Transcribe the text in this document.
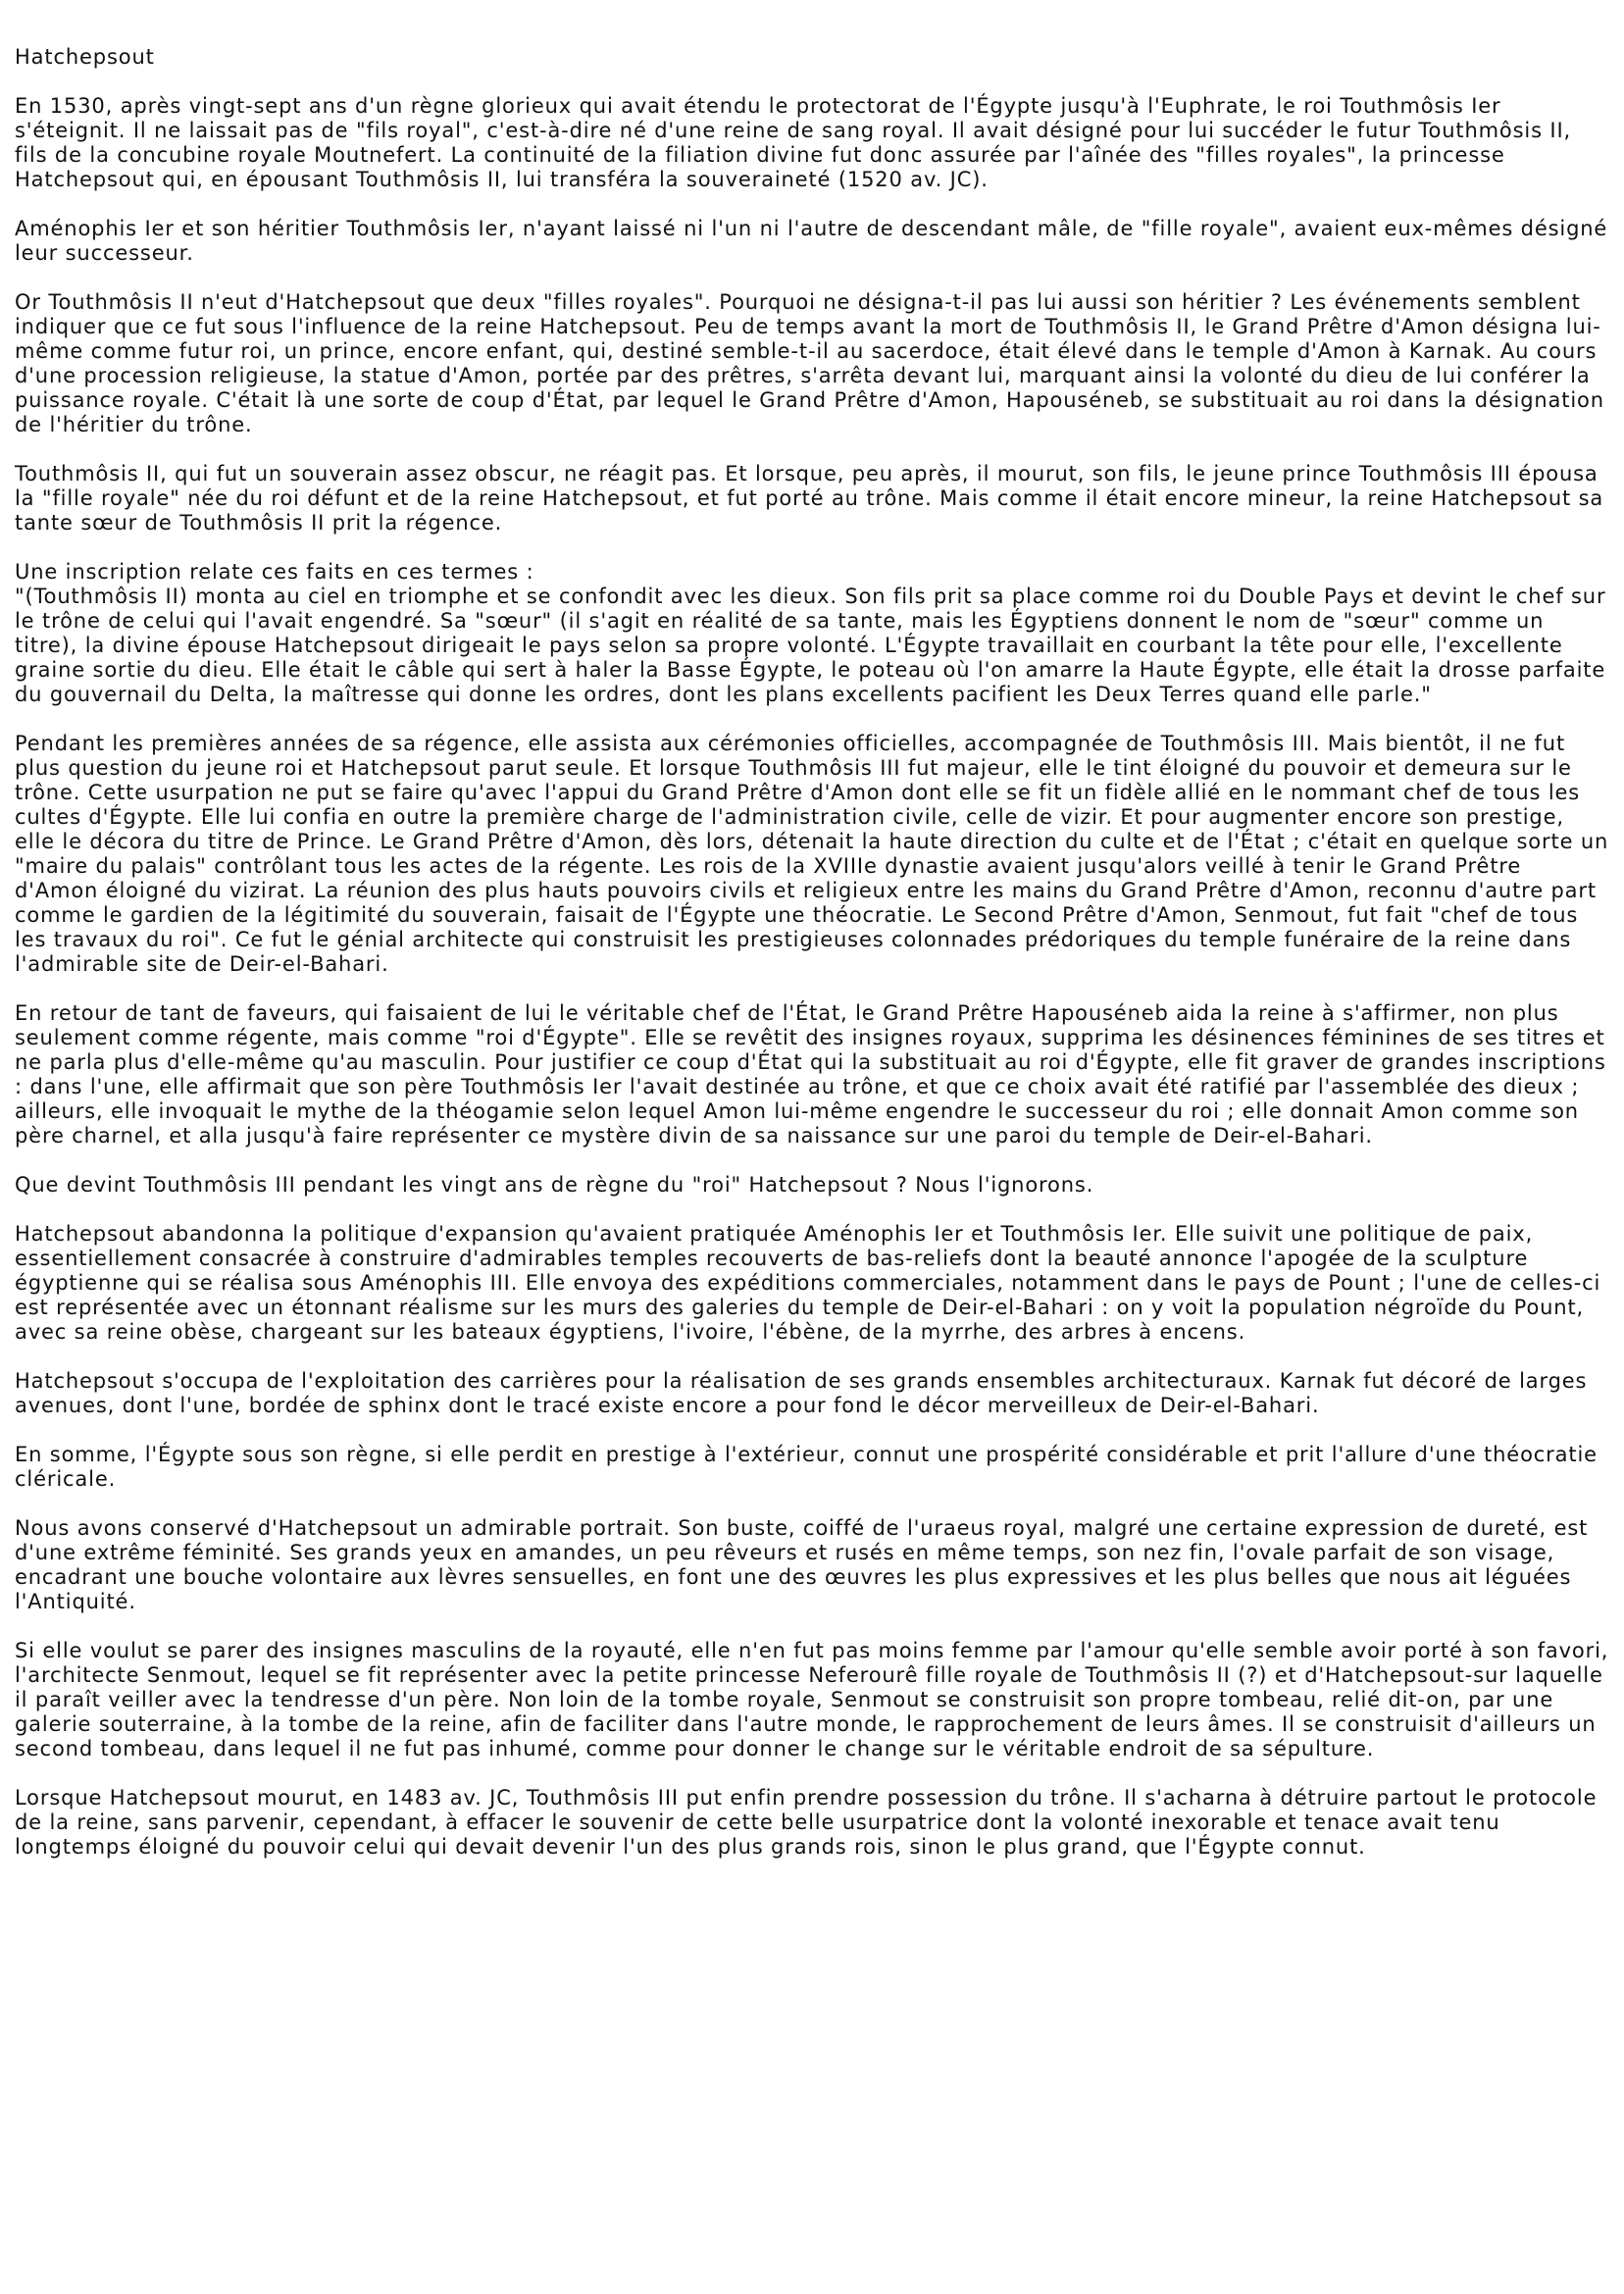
Hatchepsout

En 1530, après vingt-sept ans d'un règne glorieux qui avait étendu le protectorat de l'Égypte jusqu'à l'Euphrate, le roi Touthmôsis Ier s'éteignit. Il ne laissait pas de "fils royal", c'est-à-dire né d'une reine de sang royal. Il avait désigné pour lui succéder le futur Touthmôsis II, fils de la concubine royale Moutnefert. La continuité de la filiation divine fut donc assurée par l'aînée des "filles royales", la princesse Hatchepsout qui, en épousant Touthmôsis II, lui transféra la souveraineté (1520 av. JC).

Aménophis Ier et son héritier Touthmôsis Ier, n'ayant laissé ni l'un ni l'autre de descendant mâle, de "fille royale", avaient eux-mêmes désigné leur successeur.

Or Touthmôsis II n'eut d'Hatchepsout que deux "filles royales". Pourquoi ne désigna-t-il pas lui aussi son héritier ? Les événements semblent indiquer que ce fut sous l'influence de la reine Hatchepsout. Peu de temps avant la mort de Touthmôsis II, le Grand Prêtre d'Amon désigna lui-même comme futur roi, un prince, encore enfant, qui, destiné semble-t-il au sacerdoce, était élevé dans le temple d'Amon à Karnak. Au cours d'une procession religieuse, la statue d'Amon, portée par des prêtres, s'arrêta devant lui, marquant ainsi la volonté du dieu de lui conférer la puissance royale. C'était là une sorte de coup d'État, par lequel le Grand Prêtre d'Amon, Hapouséneb, se substituait au roi dans la désignation de l'héritier du trône.

Touthmôsis II, qui fut un souverain assez obscur, ne réagit pas. Et lorsque, peu après, il mourut, son fils, le jeune prince Touthmôsis III épousa la "fille royale" née du roi défunt et de la reine Hatchepsout, et fut porté au trône. Mais comme il était encore mineur, la reine Hatchepsout sa tante sœur de Touthmôsis II prit la régence.

Une inscription relate ces faits en ces termes :

"(Touthmôsis II) monta au ciel en triomphe et se confondit avec les dieux. Son fils prit sa place comme roi du Double Pays et devint le chef sur le trône de celui qui l'avait engendré. Sa "sœur" (il s'agit en réalité de sa tante, mais les Égyptiens donnent le nom de "sœur" comme un titre), la divine épouse Hatchepsout dirigeait le pays selon sa propre volonté. L'Égypte travaillait en courbant la tête pour elle, l'excellente graine sortie du dieu. Elle était le câble qui sert à haler la Basse Égypte, le poteau où l'on amarre la Haute Égypte, elle était la drosse parfaite du gouvernail du Delta, la maîtresse qui donne les ordres, dont les plans excellents pacifient les Deux Terres quand elle parle."

Pendant les premières années de sa régence, elle assista aux cérémonies officielles, accompagnée de Touthmôsis III. Mais bientôt, il ne fut plus question du jeune roi et Hatchepsout parut seule. Et lorsque Touthmôsis III fut majeur, elle le tint éloigné du pouvoir et demeura sur le trône. Cette usurpation ne put se faire qu'avec l'appui du Grand Prêtre d'Amon dont elle se fit un fidèle allié en le nommant chef de tous les cultes d'Égypte. Elle lui confia en outre la première charge de l'administration civile, celle de vizir. Et pour augmenter encore son prestige, elle le décora du titre de Prince. Le Grand Prêtre d'Amon, dès lors, détenait la haute direction du culte et de l'État ; c'était en quelque sorte un "maire du palais" contrôlant tous les actes de la régente. Les rois de la XVIIIe dynastie avaient jusqu'alors veillé à tenir le Grand Prêtre d'Amon éloigné du vizirat. La réunion des plus hauts pouvoirs civils et religieux entre les mains du Grand Prêtre d'Amon, reconnu d'autre part comme le gardien de la légitimité du souverain, faisait de l'Égypte une théocratie. Le Second Prêtre d'Amon, Senmout, fut fait "chef de tous les travaux du roi". Ce fut le génial architecte qui construisit les prestigieuses colonnades prédoriques du temple funéraire de la reine dans l'admirable site de Deir-el-Bahari.

En retour de tant de faveurs, qui faisaient de lui le véritable chef de l'État, le Grand Prêtre Hapouséneb aida la reine à s'affirmer, non plus seulement comme régente, mais comme "roi d'Égypte". Elle se revêtit des insignes royaux, supprima les désinences féminines de ses titres et ne parla plus d'elle-même qu'au masculin. Pour justifier ce coup d'État qui la substituait au roi d'Égypte, elle fit graver de grandes inscriptions : dans l'une, elle affirmait que son père Touthmôsis Ier l'avait destinée au trône, et que ce choix avait été ratifié par l'assemblée des dieux ; ailleurs, elle invoquait le mythe de la théogamie selon lequel Amon lui-même engendre le successeur du roi ; elle donnait Amon comme son père charnel, et alla jusqu'à faire représenter ce mystère divin de sa naissance sur une paroi du temple de Deir-el-Bahari.

Que devint Touthmôsis III pendant les vingt ans de règne du "roi" Hatchepsout ? Nous l'ignorons.

Hatchepsout abandonna la politique d'expansion qu'avaient pratiquée Aménophis Ier et Touthmôsis Ier. Elle suivit une politique de paix, essentiellement consacrée à construire d'admirables temples recouverts de bas-reliefs dont la beauté annonce l'apogée de la sculpture égyptienne qui se réalisa sous Aménophis III. Elle envoya des expéditions commerciales, notamment dans le pays de Pount ; l'une de celles-ci est représentée avec un étonnant réalisme sur les murs des galeries du temple de Deir-el-Bahari : on y voit la population négroïde du Pount, avec sa reine obèse, chargeant sur les bateaux égyptiens, l'ivoire, l'ébène, de la myrrhe, des arbres à encens.

Hatchepsout s'occupa de l'exploitation des carrières pour la réalisation de ses grands ensembles architecturaux. Karnak fut décoré de larges avenues, dont l'une, bordée de sphinx dont le tracé existe encore a pour fond le décor merveilleux de Deir-el-Bahari.

En somme, l'Égypte sous son règne, si elle perdit en prestige à l'extérieur, connut une prospérité considérable et prit l'allure d'une théocratie cléricale.

Nous avons conservé d'Hatchepsout un admirable portrait. Son buste, coiffé de l'uraeus royal, malgré une certaine expression de dureté, est d'une extrême féminité. Ses grands yeux en amandes, un peu rêveurs et rusés en même temps, son nez fin, l'ovale parfait de son visage, encadrant une bouche volontaire aux lèvres sensuelles, en font une des œuvres les plus expressives et les plus belles que nous ait léguées l'Antiquité.

Si elle voulut se parer des insignes masculins de la royauté, elle n'en fut pas moins femme par l'amour qu'elle semble avoir porté à son favori, l'architecte Senmout, lequel se fit représenter avec la petite princesse Neferourê fille royale de Touthmôsis II (?) et d'Hatchepsout-sur laquelle il paraît veiller avec la tendresse d'un père. Non loin de la tombe royale, Senmout se construisit son propre tombeau, relié dit-on, par une galerie souterraine, à la tombe de la reine, afin de faciliter dans l'autre monde, le rapprochement de leurs âmes. Il se construisit d'ailleurs un second tombeau, dans lequel il ne fut pas inhumé, comme pour donner le change sur le véritable endroit de sa sépulture.

Lorsque Hatchepsout mourut, en 1483 av. JC, Touthmôsis III put enfin prendre possession du trône. Il s'acharna à détruire partout le protocole de la reine, sans parvenir, cependant, à effacer le souvenir de cette belle usurpatrice dont la volonté inexorable et tenace avait tenu longtemps éloigné du pouvoir celui qui devait devenir l'un des plus grands rois, sinon le plus grand, que l'Égypte connut.
